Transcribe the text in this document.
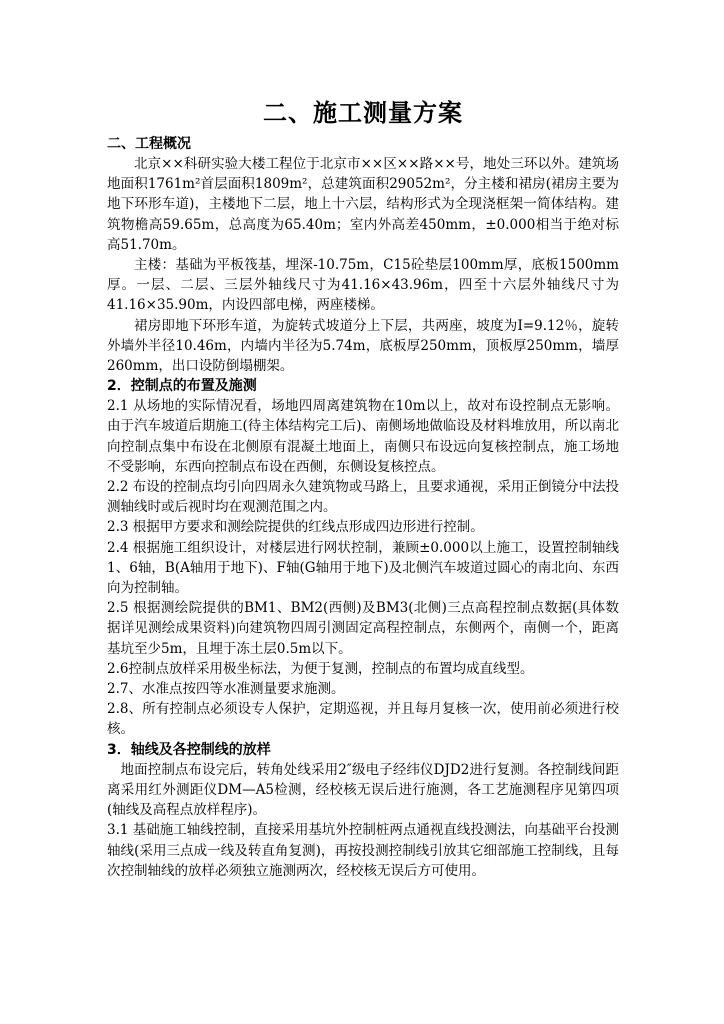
二、施工测量方案
二、工程概况

北京××科研实验大楼工程位于北京市××区××路××号，地处三环以外。建筑场地面积1761m²首层面积1809m²，总建筑面积29052m²，分主楼和裙房(裙房主要为地下环形车道)，主楼地下二层，地上十六层，结构形式为全现浇框架一简体结构。建筑物檐高59.65m，总高度为65.40m；室内外高差450mm，±0.000相当于绝对标高51.70m。

主楼：基础为平板筏基，埋深-10.75m，C15砼垫层100mm厚，底板1500mm厚。一层、二层、三层外轴线尺寸为41.16×43.96m，四至十六层外轴线尺寸为41.16×35.90m，内设四部电梯，两座楼梯。

裙房即地下环形车道，为旋转式坡道分上下层，共两座，坡度为I=9.12％，旋转外墙外半径10.46m，内墙内半径为5.74m，底板厚250mm，顶板厚250mm，墙厚260mm，出口设防倒塌棚架。

2．控制点的布置及施测

2.1 从场地的实际情况看，场地四周离建筑物在10m以上，故对布设控制点无影响。由于汽车坡道后期施工(待主体结构完工后)、南侧场地做临设及材料堆放用，所以南北向控制点集中布设在北侧原有混凝土地面上，南侧只布设远向复核控制点，施工场地不受影响，东西向控制点布设在西侧，东侧设复核控点。

2.2 布设的控制点均引向四周永久建筑物或马路上，且要求通视，采用正倒镜分中法投测轴线时或后视时均在观测范围之内。

2.3 根据甲方要求和测绘院提供的红线点形成四边形进行控制。

2.4 根据施工组织设计，对楼层进行网状控制，兼顾±0.000以上施工，设置控制轴线1、6轴，B(A轴用于地下)、F轴(G轴用于地下)及北侧汽车坡道过圆心的南北向、东西向为控制轴。

2.5 根据测绘院提供的BM1、BM2(西侧)及BM3(北侧)三点高程控制点数据(具体数据详见测绘成果资料)向建筑物四周引测固定高程控制点，东侧两个，南侧一个，距离基坑至少5m，且埋于冻土层0.5m以下。

2.6控制点放样采用极坐标法，为便于复测，控制点的布置均成直线型。

2.7、水准点按四等水准测量要求施测。

2.8、所有控制点必须设专人保护，定期巡视，并且每月复核一次，使用前必须进行校核。

3．轴线及各控制线的放样

地面控制点布设完后，转角处线采用2″级电子经纬仪DJD2进行复测。各控制线间距离采用红外测距仪DM—A5检测，经校核无误后进行施测，各工艺施测程序见第四项(轴线及高程点放样程序)。

3.1 基础施工轴线控制，直接采用基坑外控制桩两点通视直线投测法，向基础平台投测轴线(采用三点成一线及转直角复测)，再按投测控制线引放其它细部施工控制线，且每次控制轴线的放样必须独立施测两次，经校核无误后方可使用。
